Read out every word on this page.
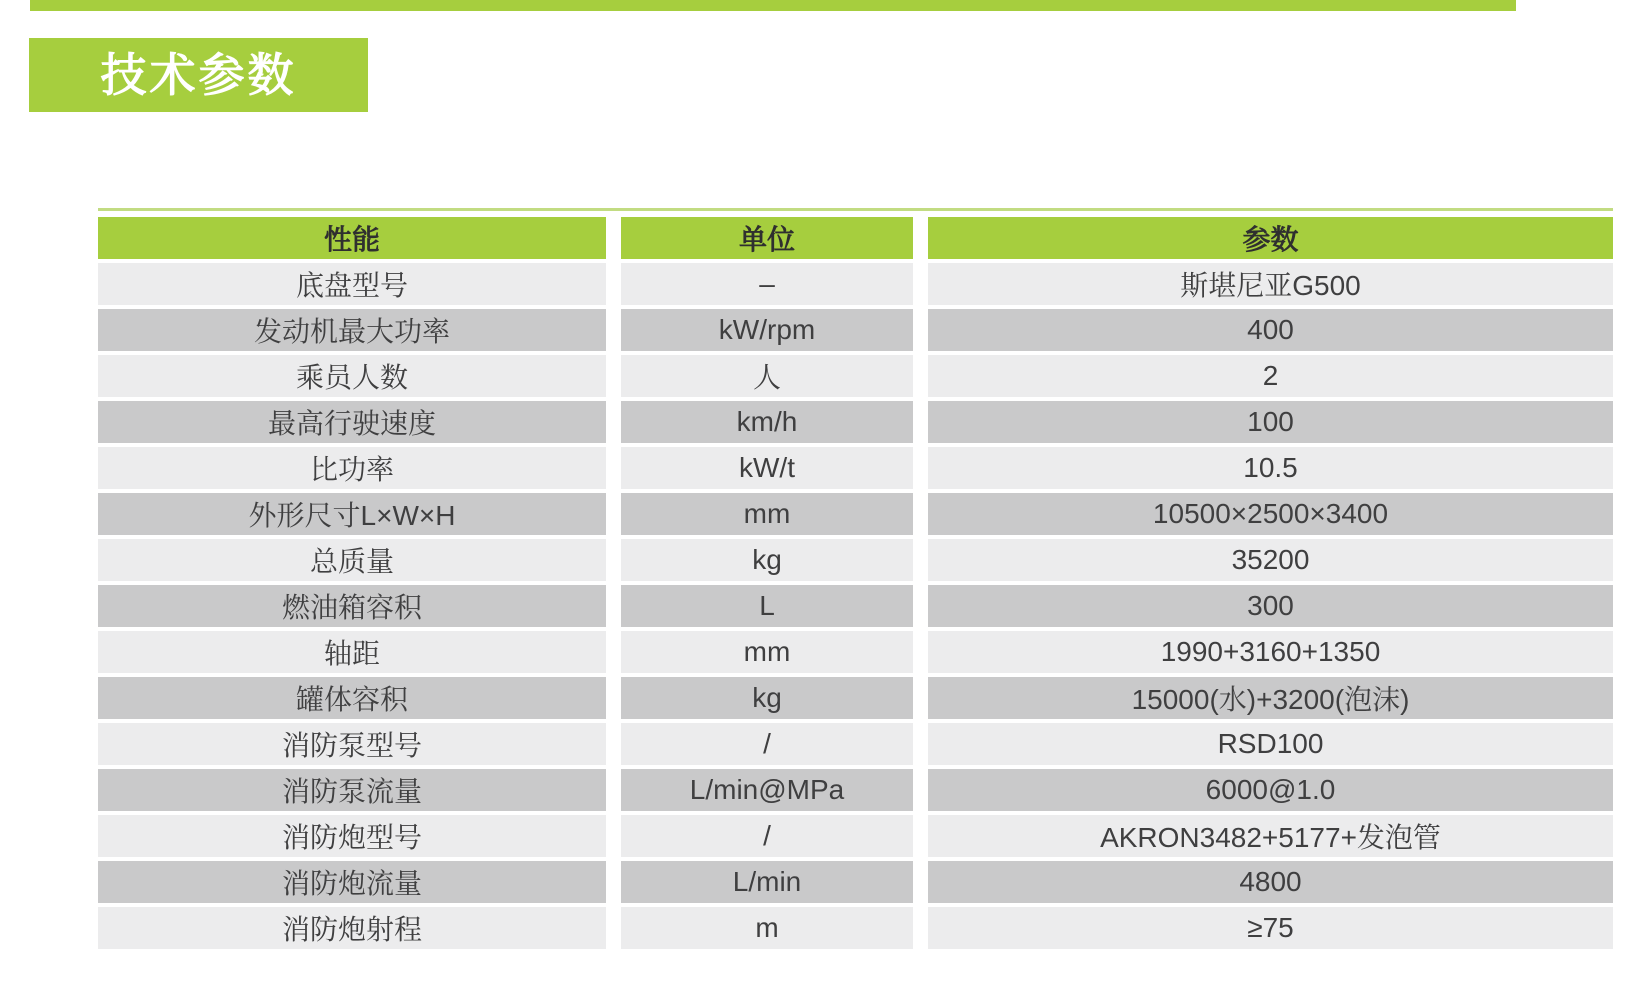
技术参数
性能	单位	参数
底盘型号	–	斯堪尼亚G500
发动机最大功率	kW/rpm	400
乘员人数	人	2
最高行驶速度	km/h	100
比功率	kW/t	10.5
外形尺寸L×W×H	mm	10500×2500×3400
总质量	kg	35200
燃油箱容积	L	300
轴距	mm	1990+3160+1350
罐体容积	kg	15000(水)+3200(泡沫)
消防泵型号	/	RSD100
消防泵流量	L/min@MPa	6000@1.0
消防炮型号	/	AKRON3482+5177+发泡管
消防炮流量	L/min	4800
消防炮射程	m	≥75
